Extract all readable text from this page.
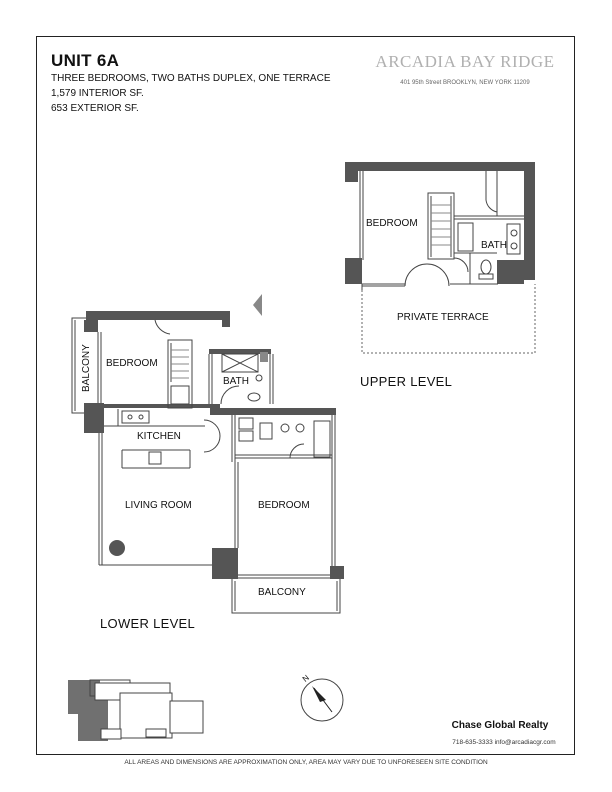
UNIT 6A
THREE BEDROOMS, TWO BATHS DUPLEX, ONE TERRACE
1,579 INTERIOR SF.
653 EXTERIOR SF.
ARCADIA BAY RIDGE
401 95th Street BROOKLYN, NEW YORK 11209
BEDROOM
BATH
PRIVATE TERRACE
UPPER LEVEL
BALCONY BEDROOM
BATH
KITCHEN
LIVING ROOM	BEDROOM
BALCONY
LOWER LEVEL
N
Chase Global Realty
718-635-3333 info@arcadiacgr.com
ALL AREAS AND DIMENSIONS ARE APPROXIMATION ONLY, AREA MAY VARY DUE TO UNFORESEEN SITE CONDITION
